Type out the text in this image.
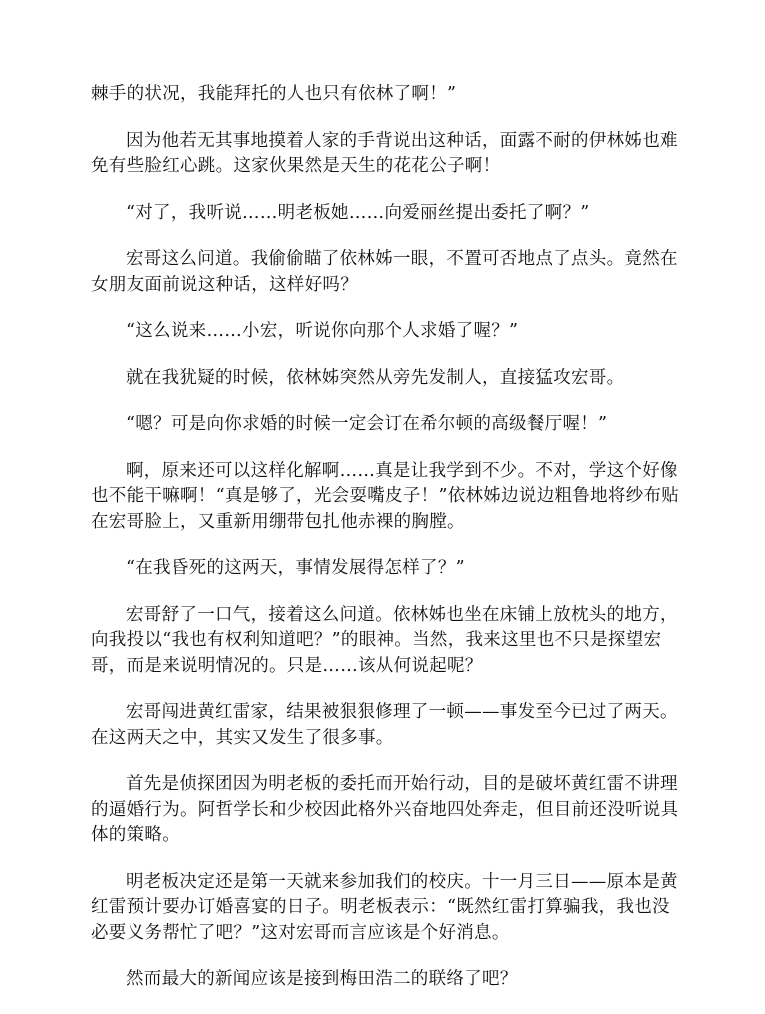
棘手的状况，我能拜托的人也只有依林了啊！”

因为他若无其事地摸着人家的手背说出这种话，面露不耐的伊林姊也难免有些脸红心跳。这家伙果然是天生的花花公子啊！

“对了，我听说……明老板她……向爱丽丝提出委托了啊？”

宏哥这么问道。我偷偷瞄了依林姊一眼，不置可否地点了点头。竟然在女朋友面前说这种话，这样好吗？

“这么说来……小宏，听说你向那个人求婚了喔？”

就在我犹疑的时候，依林姊突然从旁先发制人，直接猛攻宏哥。

“嗯？可是向你求婚的时候一定会订在希尔顿的高级餐厅喔！”

啊，原来还可以这样化解啊……真是让我学到不少。不对，学这个好像也不能干嘛啊！“真是够了，光会耍嘴皮子！”依林姊边说边粗鲁地将纱布贴在宏哥脸上，又重新用绷带包扎他赤裸的胸膛。

“在我昏死的这两天，事情发展得怎样了？”

宏哥舒了一口气，接着这么问道。依林姊也坐在床铺上放枕头的地方，向我投以“我也有权利知道吧？”的眼神。当然，我来这里也不只是探望宏哥，而是来说明情况的。只是……该从何说起呢？

宏哥闯进黄红雷家，结果被狠狠修理了一顿——事发至今已过了两天。在这两天之中，其实又发生了很多事。

首先是侦探团因为明老板的委托而开始行动，目的是破坏黄红雷不讲理的逼婚行为。阿哲学长和少校因此格外兴奋地四处奔走，但目前还没听说具体的策略。

明老板决定还是第一天就来参加我们的校庆。十一月三日——原本是黄红雷预计要办订婚喜宴的日子。明老板表示：“既然红雷打算骗我，我也没必要义务帮忙了吧？”这对宏哥而言应该是个好消息。

然而最大的新闻应该是接到梅田浩二的联络了吧？
